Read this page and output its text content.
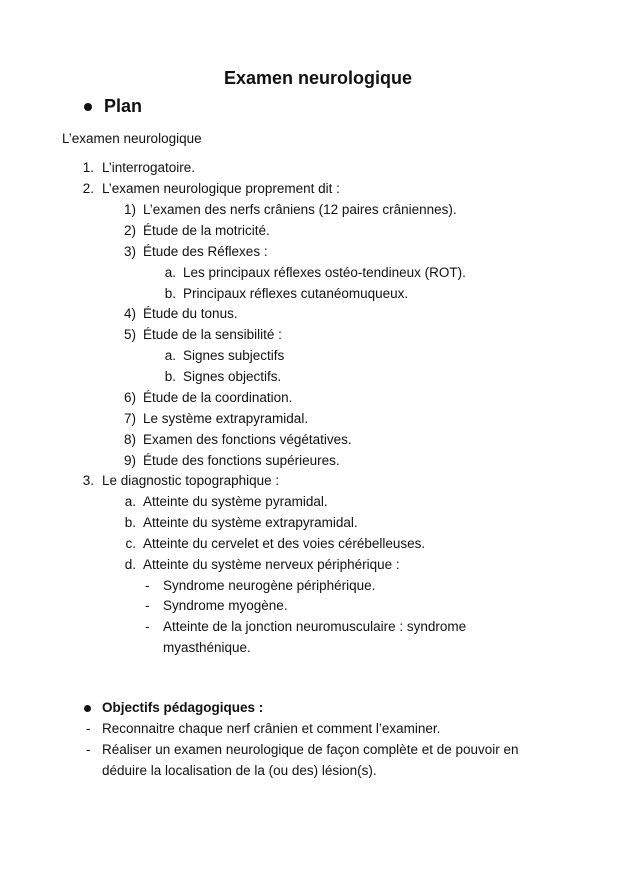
Examen neurologique
Plan
L’examen neurologique
1. L’interrogatoire.
2. L’examen neurologique proprement dit :
1) L’examen des nerfs crâniens (12 paires crâniennes).
2) Étude de la motricité.
3) Étude des Réflexes :
a. Les principaux réflexes ostéo-tendineux (ROT).
b. Principaux réflexes cutanéomuqueux.
4) Étude du tonus.
5) Étude de la sensibilité :
a. Signes subjectifs
b. Signes objectifs.
6) Étude de la coordination.
7) Le système extrapyramidal.
8) Examen des fonctions végétatives.
9) Étude des fonctions supérieures.
3. Le diagnostic topographique :
a. Atteinte du système pyramidal.
b. Atteinte du système extrapyramidal.
c. Atteinte du cervelet et des voies cérébelleuses.
d. Atteinte du système nerveux périphérique :
- Syndrome neurogène périphérique.
- Syndrome myogène.
- Atteinte de la jonction neuromusculaire : syndrome
myasthénique.
Objectifs pédagogiques :
- Reconnaitre chaque nerf crânien et comment l’examiner.
- Réaliser un examen neurologique de façon complète et de pouvoir en
déduire la localisation de la (ou des) lésion(s).
